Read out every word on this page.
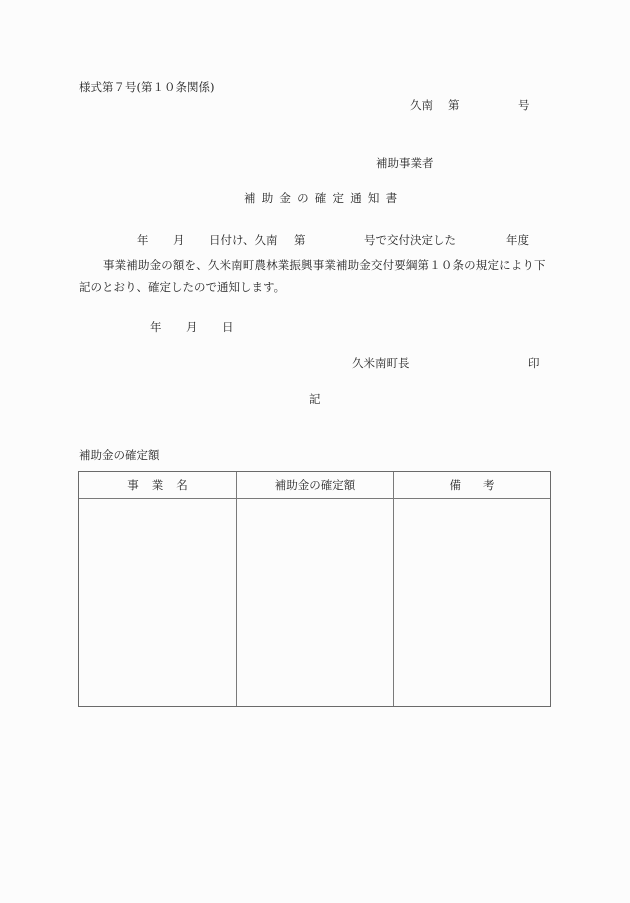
様式第７号(第１０条関係)
久南 第	号
補助事業者
補助金の確定通知書
年 月 日付け、久南 第	号で交付決定した	年度
事業補助金の額を、久米南町農林業振興事業補助金交付要綱第１０条の規定により下
記のとおり、確定したので通知します。
年 月 日
久米南町長	印
記
補助金の確定額
事業名	補助金の確定額	備考
